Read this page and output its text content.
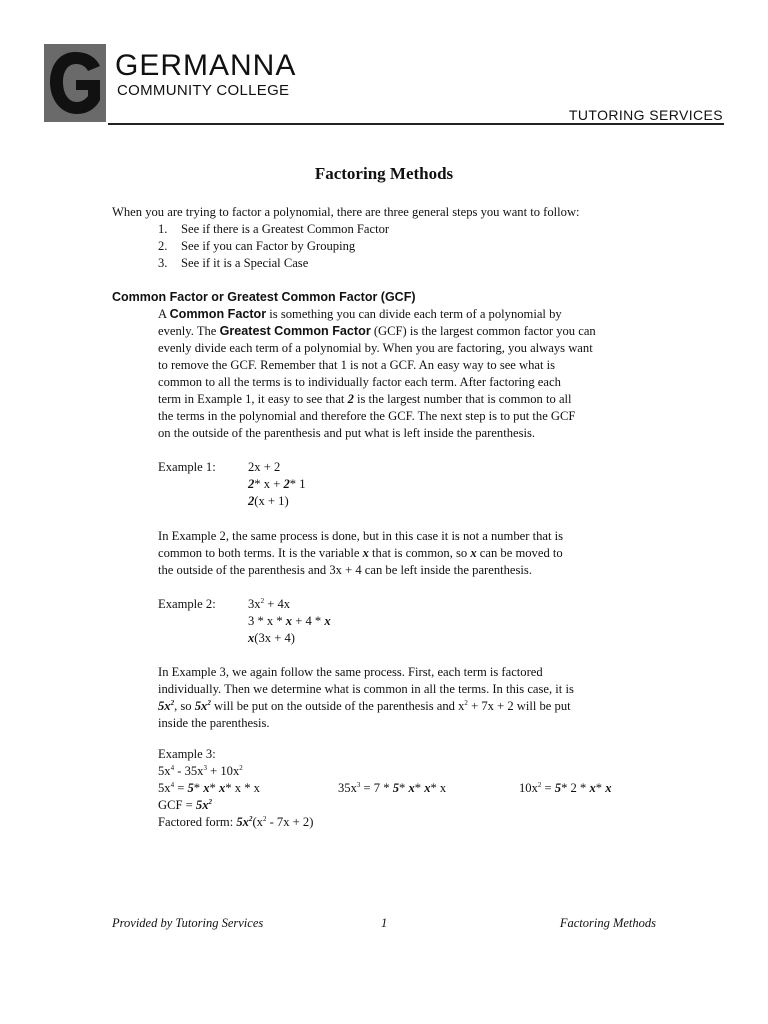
GERMANNA
COMMUNITY COLLEGE
TUTORING SERVICES
Factoring Methods
When you are trying to factor a polynomial, there are three general steps you want to follow:
1. See if there is a Greatest Common Factor
2. See if you can Factor by Grouping
3. See if it is a Special Case
Common Factor or Greatest Common Factor (GCF)
A Common Factor is something you can divide each term of a polynomial by
evenly. The Greatest Common Factor (GCF) is the largest common factor you can
evenly divide each term of a polynomial by. When you are factoring, you always want
to remove the GCF. Remember that 1 is not a GCF. An easy way to see what is
common to all the terms is to individually factor each term. After factoring each
term in Example 1, it easy to see that 2 is the largest number that is common to all
the terms in the polynomial and therefore the GCF. The next step is to put the GCF
on the outside of the parenthesis and put what is left inside the parenthesis.
Example 1:	2x + 2
2* x + 2* 1
2(x + 1)
In Example 2, the same process is done, but in this case it is not a number that is
common to both terms. It is the variable x that is common, so x can be moved to
the outside of the parenthesis and 3x + 4 can be left inside the parenthesis.
Example 2:	$3x^2 + 4x$
3 * x * x + 4 * x
x(3x + 4)
In Example 3, we again follow the same process. First, each term is factored
individually. Then we determine what is common in all the terms. In this case, it is
$5x^2$, so $5x^2$ will be put on the outside of the parenthesis and $x^2 + 7x + 2$ will be put
inside the parenthesis.
Example 3:
$5x^4 - 35x^3 + 10x^2$
$5x^4 = 5*$ x* x* x * x	$35x^3 = 7 * 5*$ x* x* x	$10x^2 = 5*$ 2 * x* x
GCF = $5x^2$
Factored form: $5x^2(x^2 - 7x + 2)$
Provided by Tutoring Services	1	Factoring Methods
